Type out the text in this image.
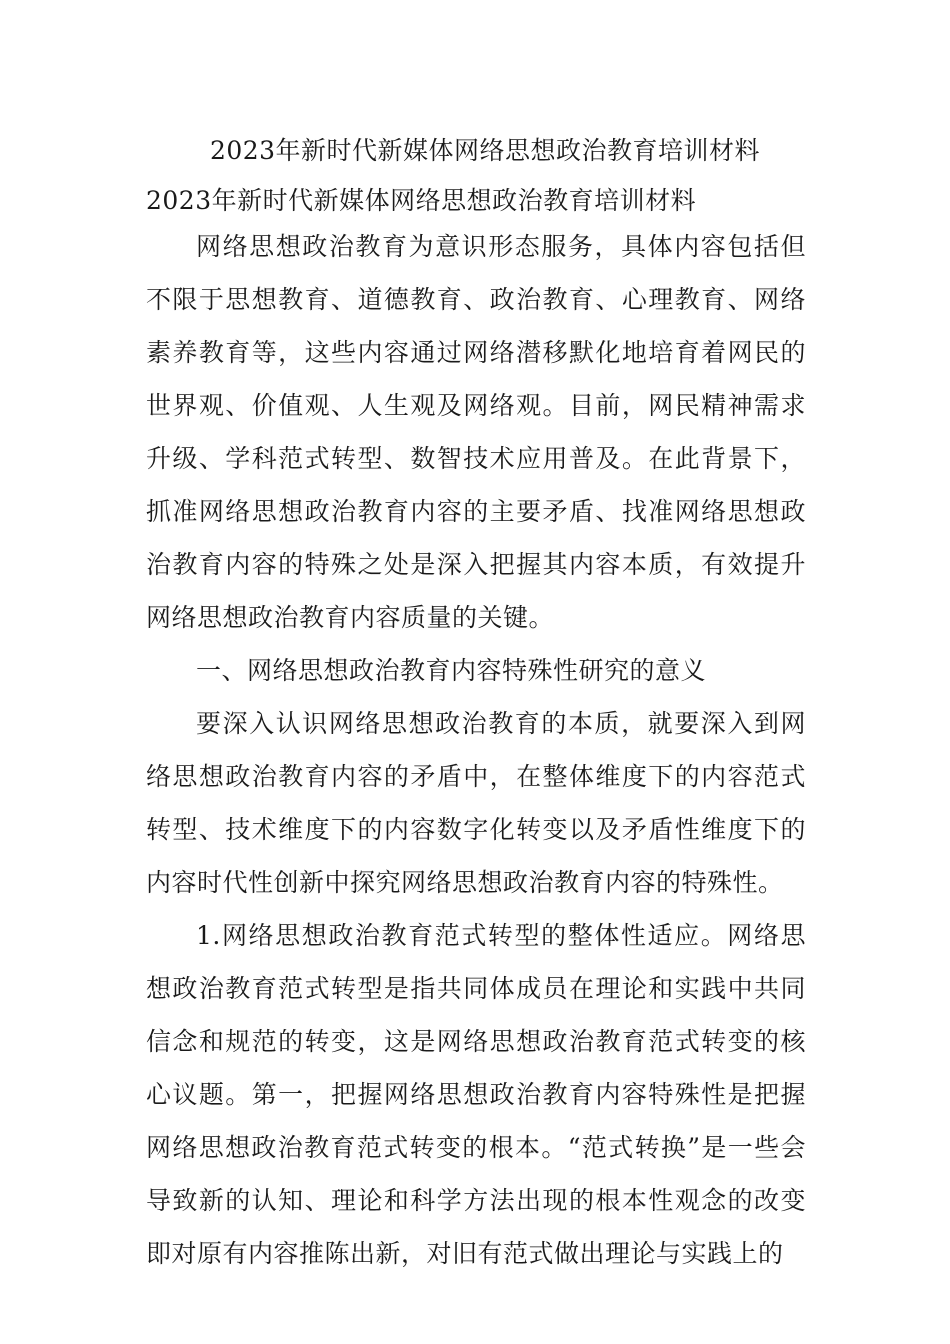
2023年新时代新媒体网络思想政治教育培训材料
2023年新时代新媒体网络思想政治教育培训材料

网络思想政治教育为意识形态服务，具体内容包括但不限于思想教育、道德教育、政治教育、心理教育、网络素养教育等，这些内容通过网络潜移默化地培育着网民的世界观、价值观、人生观及网络观。目前，网民精神需求升级、学科范式转型、数智技术应用普及。在此背景下，抓准网络思想政治教育内容的主要矛盾、找准网络思想政治教育内容的特殊之处是深入把握其内容本质，有效提升网络思想政治教育内容质量的关键。

一、网络思想政治教育内容特殊性研究的意义

要深入认识网络思想政治教育的本质，就要深入到网络思想政治教育内容的矛盾中，在整体维度下的内容范式转型、技术维度下的内容数字化转变以及矛盾性维度下的内容时代性创新中探究网络思想政治教育内容的特殊性。

1.网络思想政治教育范式转型的整体性适应。网络思想政治教育范式转型是指共同体成员在理论和实践中共同信念和规范的转变，这是网络思想政治教育范式转变的核心议题。第一，把握网络思想政治教育内容特殊性是把握网络思想政治教育范式转变的根本。“范式转换”是一些会导致新的认知、理论和科学方法出现的根本性观念的改变即对原有内容推陈出新，对旧有范式做出理论与实践上的
